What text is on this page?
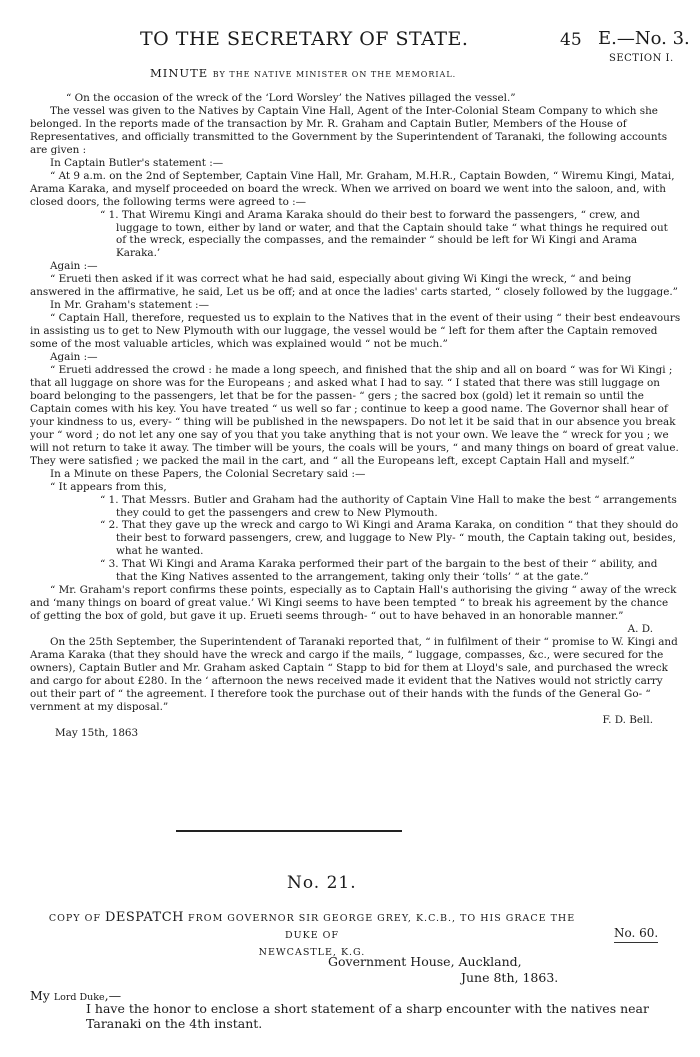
TO THE SECRETARY OF STATE.	45 E.—No. 3.
SECTION I.
MINUTE BY THE NATIVE MINISTER ON THE MEMORIAL.

“ On the occasion of the wreck of the ‘Lord Worsley’ the Natives pillaged the vessel.”

The vessel was given to the Natives by Captain Vine Hall, Agent of the Inter-Colonial Steam Company to which she belonged. In the reports made of the transaction by Mr. R. Graham and Captain Butler, Members of the House of Representatives, and officially transmitted to the Government by the Superintendent of Taranaki, the following accounts are given :

In Captain Butler's statement :—

“ At 9 a.m. on the 2nd of September, Captain Vine Hall, Mr. Graham, M.H.R., Captain Bowden, “ Wiremu Kingi, Matai, Arama Karaka, and myself proceeded on board the wreck. When we arrived on board we went into the saloon, and, with closed doors, the following terms were agreed to :—

“ 1. That Wiremu Kingi and Arama Karaka should do their best to forward the passengers, “ crew, and luggage to town, either by land or water, and that the Captain should take “ what things he required out of the wreck, especially the compasses, and the remainder “ should be left for Wi Kingi and Arama Karaka.’

Again :—

“ Erueti then asked if it was correct what he had said, especially about giving Wi Kingi the wreck, “ and being answered in the affirmative, he said, Let us be off; and at once the ladies' carts started, “ closely followed by the luggage.”

In Mr. Graham's statement :—

“ Captain Hall, therefore, requested us to explain to the Natives that in the event of their using “ their best endeavours in assisting us to get to New Plymouth with our luggage, the vessel would be “ left for them after the Captain removed some of the most valuable articles, which was explained would “ not be much.”

Again :—

“ Erueti addressed the crowd : he made a long speech, and finished that the ship and all on board “ was for Wi Kingi ; that all luggage on shore was for the Europeans ; and asked what I had to say. “ I stated that there was still luggage on board belonging to the passengers, let that be for the passen- “ gers ; the sacred box (gold) let it remain so until the Captain comes with his key. You have treated “ us well so far ; continue to keep a good name. The Governor shall hear of your kindness to us, every- “ thing will be published in the newspapers. Do not let it be said that in our absence you break your “ word ; do not let any one say of you that you take anything that is not your own. We leave the “ wreck for you ; we will not return to take it away. The timber will be yours, the coals will be yours, “ and many things on board of great value. They were satisfied ; we packed the mail in the cart, and “ all the Europeans left, except Captain Hall and myself.”

In a Minute on these Papers, the Colonial Secretary said :—

“ It appears from this,

“ 1. That Messrs. Butler and Graham had the authority of Captain Vine Hall to make the best “ arrangements they could to get the passengers and crew to New Plymouth.

“ 2. That they gave up the wreck and cargo to Wi Kingi and Arama Karaka, on condition “ that they should do their best to forward passengers, crew, and luggage to New Ply- “ mouth, the Captain taking out, besides, what he wanted.

“ 3. That Wi Kingi and Arama Karaka performed their part of the bargain to the best of their “ ability, and that the King Natives assented to the arrangement, taking only their ‘tolls’ “ at the gate.”

“ Mr. Graham's report confirms these points, especially as to Captain Hall's authorising the giving “ away of the wreck and ‘many things on board of great value.’ Wi Kingi seems to have been tempted “ to break his agreement by the chance of getting the box of gold, but gave it up. Erueti seems through- “ out to have behaved in an honorable manner.”

A. D.

On the 25th September, the Superintendent of Taranaki reported that, “ in fulfilment of their “ promise to W. Kingi and Arama Karaka (that they should have the wreck and cargo if the mails, “ luggage, compasses, &c., were secured for the owners), Captain Butler and Mr. Graham asked Captain “ Stapp to bid for them at Lloyd's sale, and purchased the wreck and cargo for about £280. In the ‘ afternoon the news received made it evident that the Natives would not strictly carry out their part of “ the agreement. I therefore took the purchase out of their hands with the funds of the General Go- “ vernment at my disposal.”

F. D. Bell.

May 15th, 1863

No. 21.
COPY OF DESPATCH FROM GOVERNOR SIR GEORGE GREY, K.C.B., TO HIS GRACE THE DUKE OF
NEWCASTLE, K.G.
No. 60.
Government House, Auckland,
June 8th, 1863.
My Lord Duke,—

I have the honor to enclose a short statement of a sharp encounter with the natives near Taranaki on the 4th instant.
